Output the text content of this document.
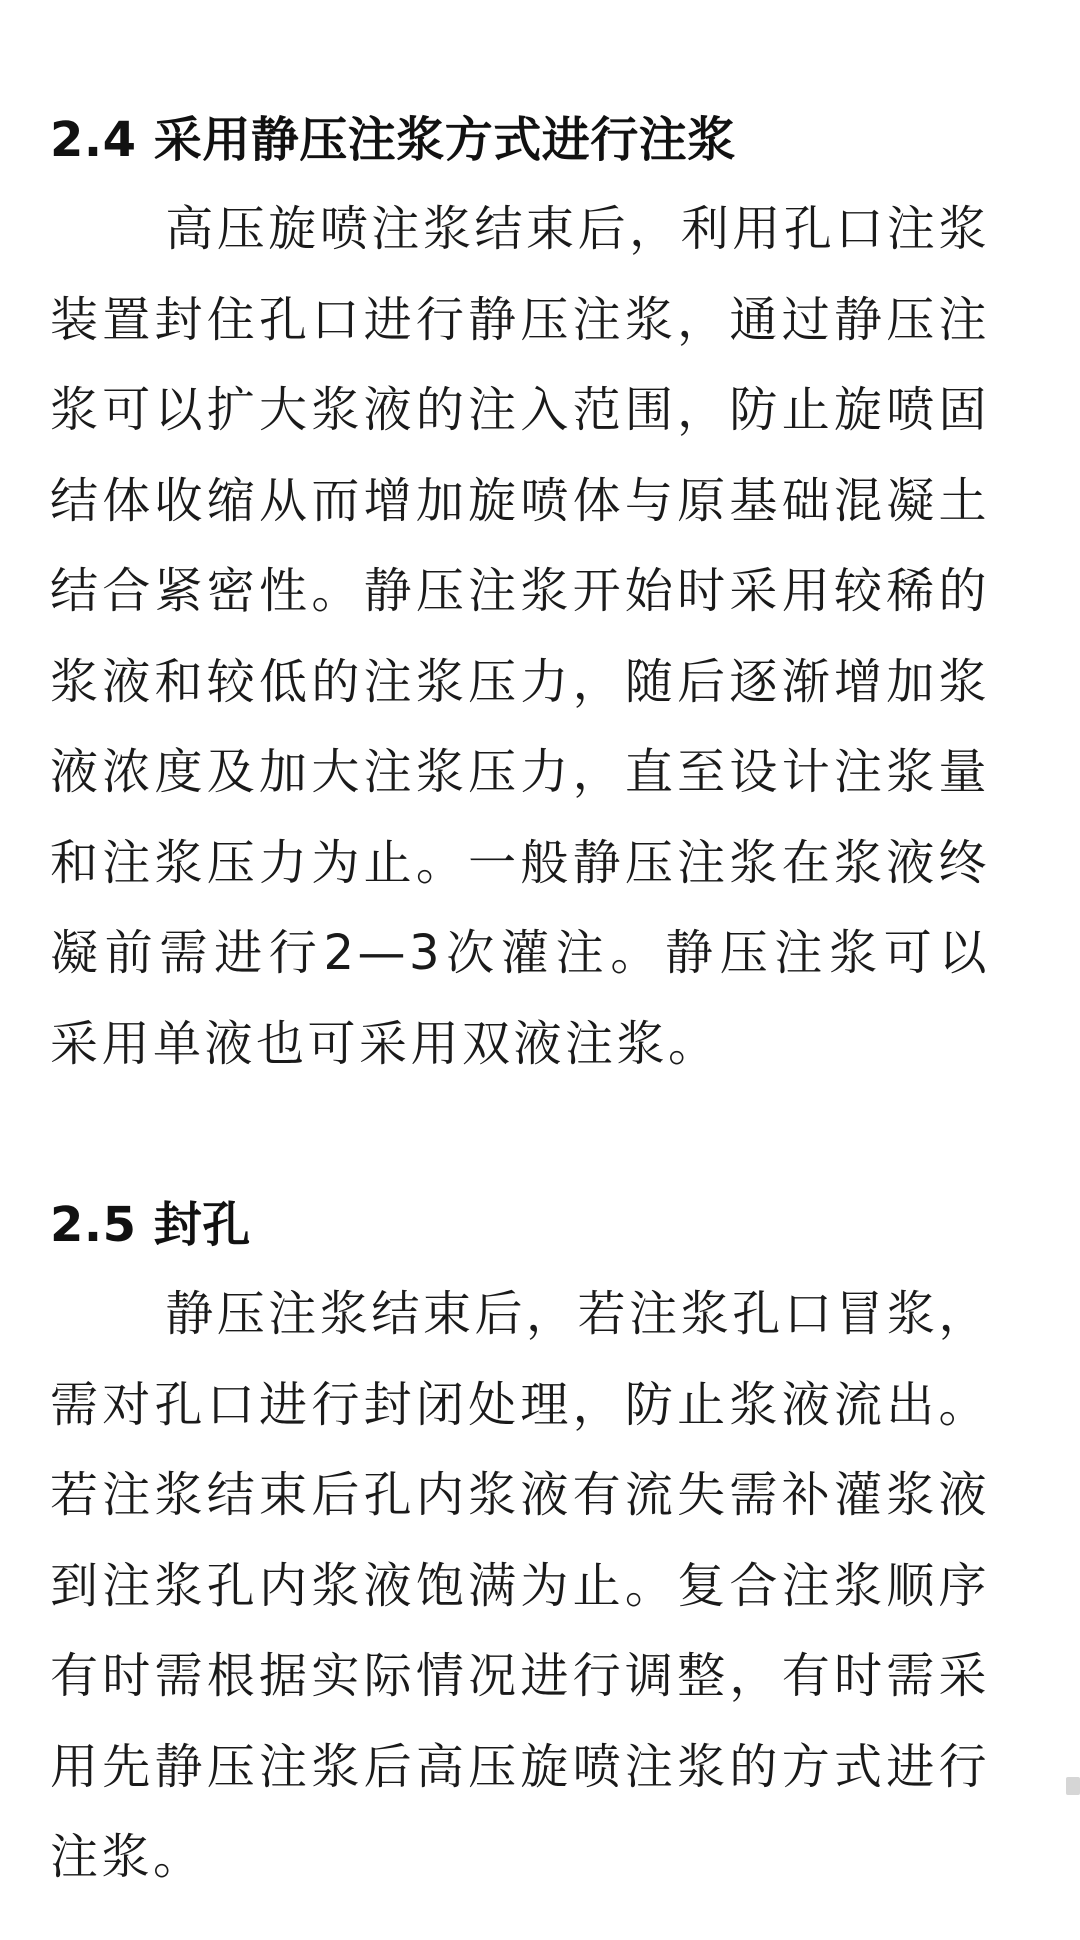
2.4 采用静压注浆方式进行注浆

高压旋喷注浆结束后，利用孔口注浆装置封住孔口进行静压注浆，通过静压注浆可以扩大浆液的注入范围，防止旋喷固结体收缩从而增加旋喷体与原基础混凝土结合紧密性。静压注浆开始时采用较稀的浆液和较低的注浆压力，随后逐渐增加浆液浓度及加大注浆压力，直至设计注浆量和注浆压力为止。一般静压注浆在浆液终凝前需进行2—3次灌注。静压注浆可以采用单液也可采用双液注浆。

2.5 封孔

静压注浆结束后，若注浆孔口冒浆，需对孔口进行封闭处理，防止浆液流出。若注浆结束后孔内浆液有流失需补灌浆液到注浆孔内浆液饱满为止。复合注浆顺序有时需根据实际情况进行调整，有时需采用先静压注浆后高压旋喷注浆的方式进行注浆。
